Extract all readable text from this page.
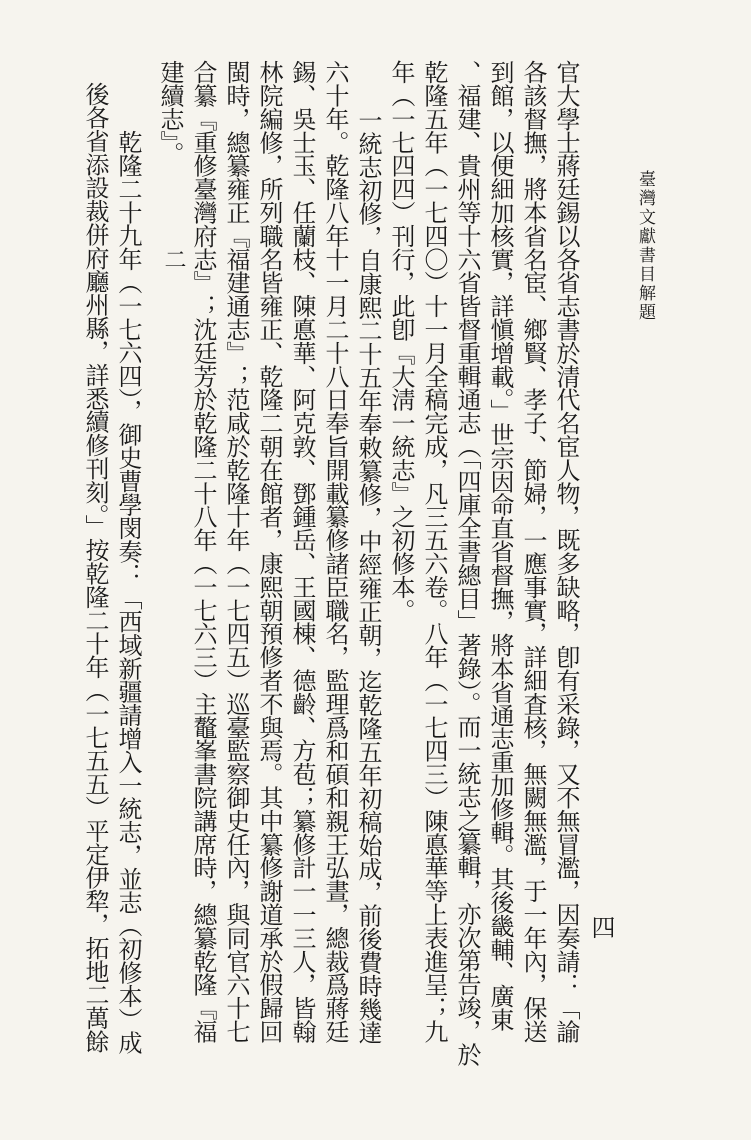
臺灣文獻書目解題
四
官大學士蔣廷錫以各省志書於清代名宦人物，既多缺略，卽有采錄，又不無冒濫，因奏請：「諭
各該督撫，將本省名宦、鄉賢、孝子、節婦，一應事實，詳細査核，無闕無濫，于一年內，保送
到館，以便細加核實，詳愼增載。」世宗因命直省督撫，將本省通志重加修輯。其後畿輔、廣東
、福建、貴州等十六省皆督重輯通志（「四庫全書總目」著錄）。而一統志之纂輯，亦次第告竣，於
乾隆五年（一七四〇）十一月全稿完成，凡三五六卷。八年（一七四三）陳悳華等上表進呈；九
年（一七四四）刊行，此卽『大淸一統志』之初修本。
一統志初修，自康熙二十五年奉敕纂修，中經雍正朝，迄乾隆五年初稿始成，前後費時幾達
六十年。乾隆八年十一月二十八日奉旨開載纂修諸臣職名，監理爲和碩和親王弘晝，總裁爲蔣廷
錫、吳士玉、任蘭枝、陳悳華、阿克敦、鄧鍾岳、王國棟、德齡、方苞；纂修計一一三人，皆翰
林院編修，所列職名皆雍正、乾隆二朝在館者，康熙朝預修者不與焉。其中纂修謝道承於假歸回
閩時，總纂雍正『福建通志』；范咸於乾隆十年（一七四五）巡臺監察御史任內，與同官六十七
合纂『重修臺灣府志』；沈廷芳於乾隆二十八年（一七六三）主鼇峯書院講席時，總纂乾隆『福
建續志』。
二
乾隆二十九年（一七六四），御史曹學閔奏：「西域新疆請增入一統志，並志（初修本）成
後各省添設裁併府廳州縣，詳悉續修刊刻。」按乾隆二十年（一七五五）平定伊犂，拓地二萬餘
